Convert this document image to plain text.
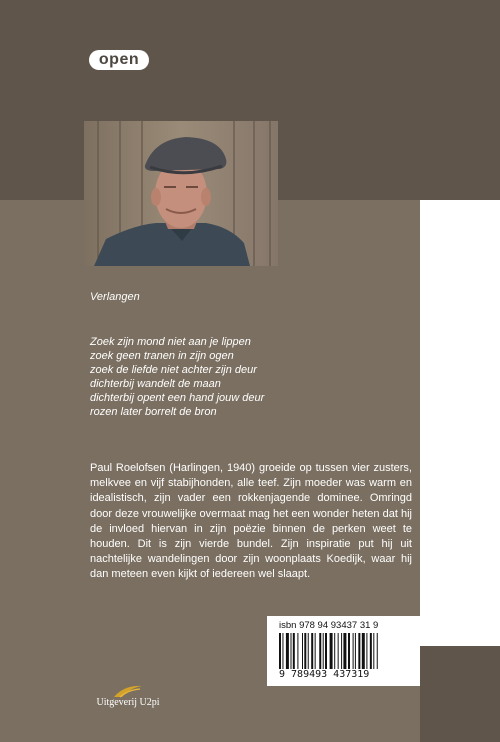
open
Verlangen
Zoek zijn mond niet aan je lippen
zoek geen tranen in zijn ogen
zoek de liefde niet achter zijn deur
dichterbij wandelt de maan
dichterbij opent een hand jouw deur
rozen later borrelt de bron
Paul Roelofsen (Harlingen, 1940) groeide op tussen vier zusters, melkvee en vijf stabijhonden, alle teef. Zijn moeder was warm en idealistisch, zijn vader een rokkenjagende dominee. Omringd door deze vrouwelijke overmaat mag het een wonder heten dat hij de invloed hiervan in zijn poëzie binnen de perken weet te houden. Dit is zijn vierde bundel. Zijn inspiratie put hij uit nachtelijke wandelingen door zijn woonplaats Koedijk, waar hij dan meteen even kijkt of iedereen wel slaapt.
isbn 978 94 93437 31 9
9 789493 437319
Uitgeverij U2pi
